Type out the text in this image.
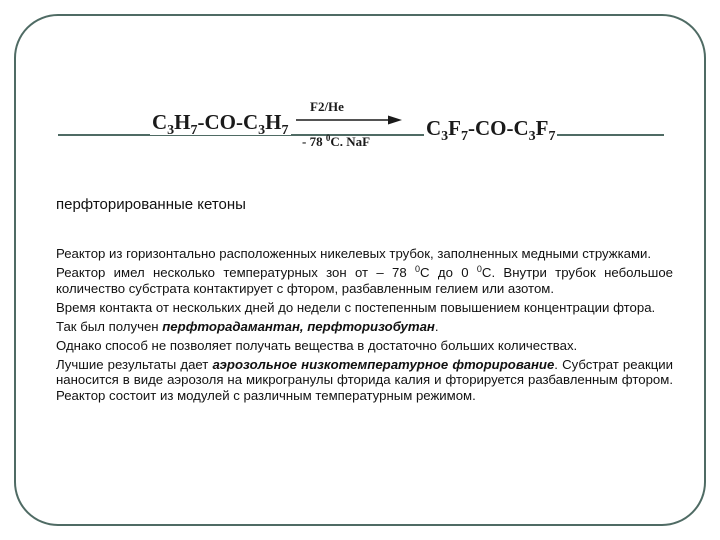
$C_3H_7-CO-C_3H_7$
F2/He
- 78 $^0$C. NaF
$C_3F_7-CO-C_3F_7$
перфторированные кетоны

Реактор из горизонтально расположенных никелевых трубок, заполненных медными стружками.

Реактор имел несколько температурных зон от – 78 $^0$С до 0 $^0$С. Внутри трубок небольшое количество субстрата контактирует с фтором, разбавленным гелием или азотом.

Время контакта от нескольких дней до недели с постепенным повышением концентрации фтора.

Так был получен перфторадамантан, перфторизобутан.

Однако способ не позволяет получать вещества в достаточно больших количествах.

Лучшие результаты дает аэрозольное низкотемпературное фторирование. Субстрат реакции наносится в виде аэрозоля на микрогранулы фторида калия и фторируется разбавленным фтором. Реактор состоит из модулей с различным температурным режимом.
